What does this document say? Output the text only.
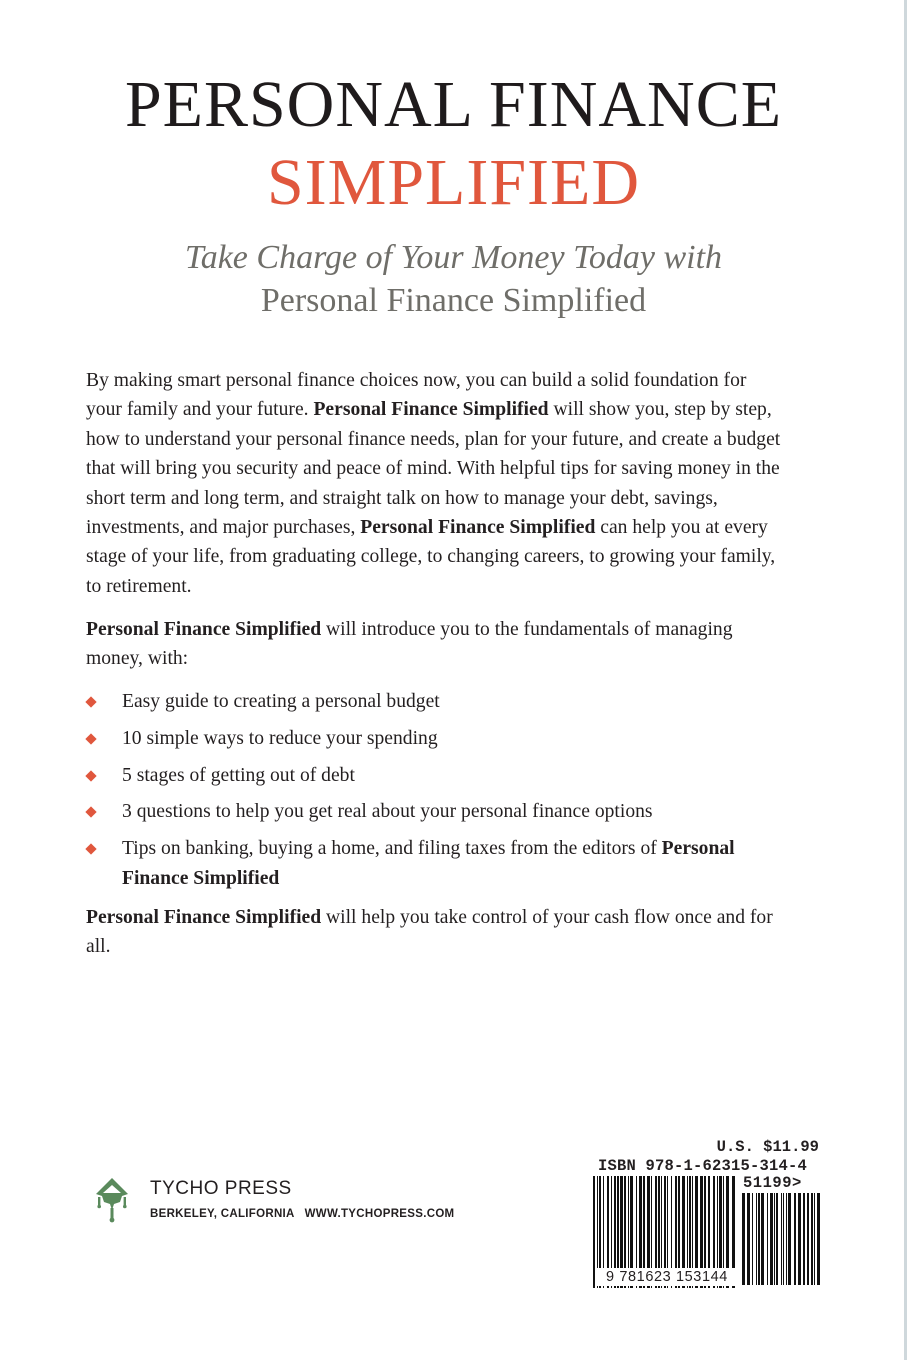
PERSONAL FINANCE
SIMPLIFIED
Take Charge of Your Money Today with
Personal Finance Simplified
By making smart personal finance choices now, you can build a solid foundation for your family and your future. Personal Finance Simplified will show you, step by step, how to understand your personal finance needs, plan for your future, and create a budget that will bring you security and peace of mind. With helpful tips for saving money in the short term and long term, and straight talk on how to manage your debt, savings, investments, and major purchases, Personal Finance Simplified can help you at every stage of your life, from graduating college, to changing careers, to growing your family, to retirement.
Personal Finance Simplified will introduce you to the fundamentals of managing money, with:
Easy guide to creating a personal budget
10 simple ways to reduce your spending
5 stages of getting out of debt
3 questions to help you get real about your personal finance options
Tips on banking, buying a home, and filing taxes from the editors of Personal Finance Simplified
Personal Finance Simplified will help you take control of your cash flow once and for all.
TYCHO PRESS
BERKELEY, CALIFORNIA WWW.TYCHOPRESS.COM
U.S. $11.99
ISBN 978-1-62315-314-4
51199>
9 781623 153144
